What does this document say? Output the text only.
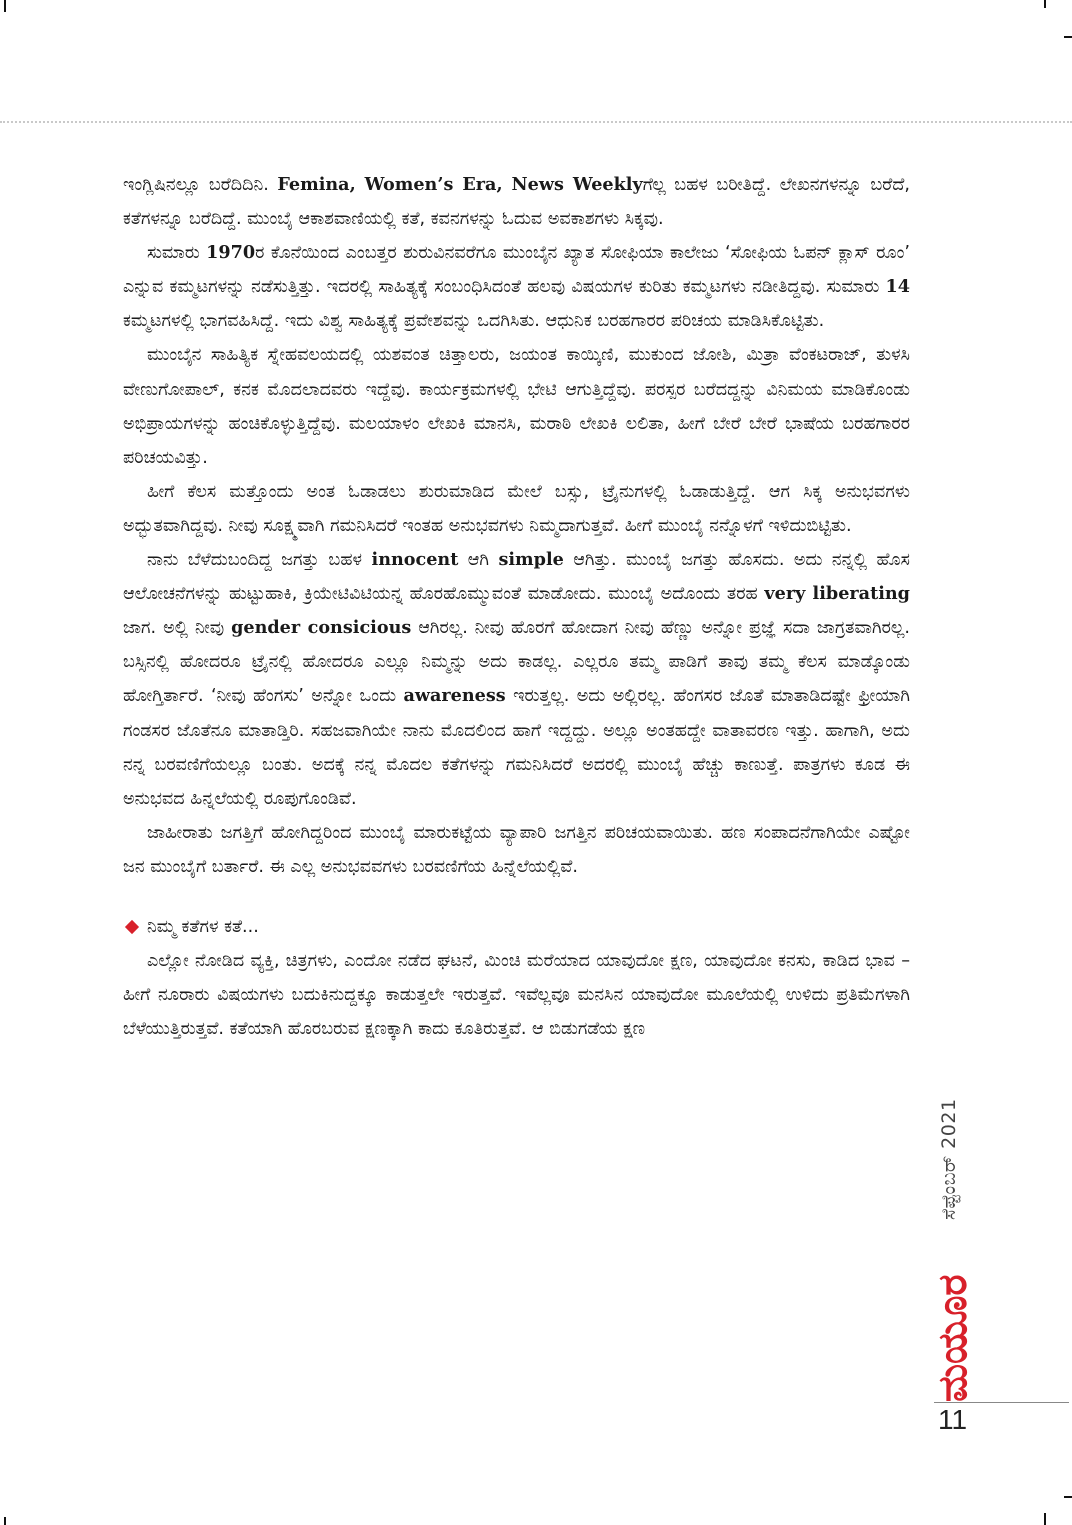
ಇಂಗ್ಲಿಷಿನಲ್ಲೂ ಬರೆದಿದಿನಿ. Femina, Women’s Era, News Weeklyಗೆಲ್ಲ ಬಹಳ ಬರೀತಿದ್ದೆ. ಲೇಖನಗಳನ್ನೂ ಬರೆದೆ, ಕತೆಗಳನ್ನೂ ಬರೆದಿದ್ದೆ. ಮುಂಬೈ ಆಕಾಶವಾಣಿಯಲ್ಲಿ ಕತೆ, ಕವನಗಳನ್ನು ಓದುವ ಅವಕಾಶಗಳು ಸಿಕ್ಕವು.

ಸುಮಾರು 1970ರ ಕೊನೆಯಿಂದ ಎಂಬತ್ತರ ಶುರುವಿನವರೆಗೂ ಮುಂಬೈನ ಖ್ಯಾತ ಸೋಫಿಯಾ ಕಾಲೇಜು ‘ಸೋಫಿಯ ಓಪನ್ ಕ್ಲಾಸ್ ರೂಂ’ ಎನ್ನುವ ಕಮ್ಮಟಗಳನ್ನು ನಡೆಸುತ್ತಿತ್ತು. ಇದರಲ್ಲಿ ಸಾಹಿತ್ಯಕ್ಕೆ ಸಂಬಂಧಿಸಿದಂತೆ ಹಲವು ವಿಷಯಗಳ ಕುರಿತು ಕಮ್ಮಟಗಳು ನಡೀತಿದ್ದವು. ಸುಮಾರು 14 ಕಮ್ಮಟಗಳಲ್ಲಿ ಭಾಗವಹಿಸಿದ್ದೆ. ಇದು ವಿಶ್ವ ಸಾಹಿತ್ಯಕ್ಕೆ ಪ್ರವೇಶವನ್ನು ಒದಗಿಸಿತು. ಆಧುನಿಕ ಬರಹಗಾರರ ಪರಿಚಯ ಮಾಡಿಸಿಕೊಟ್ಟಿತು.

ಮುಂಬೈನ ಸಾಹಿತ್ಯಿಕ ಸ್ನೇಹವಲಯದಲ್ಲಿ ಯಶವಂತ ಚಿತ್ತಾಲರು, ಜಯಂತ ಕಾಯ್ಕಿಣಿ, ಮುಕುಂದ ಜೋಶಿ, ಮಿತ್ರಾ ವೆಂಕಟರಾಜ್, ತುಳಸಿ ವೇಣುಗೋಪಾಲ್, ಕನಕ ಮೊದಲಾದವರು ಇದ್ದೆವು. ಕಾರ್ಯಕ್ರಮಗಳಲ್ಲಿ ಭೇಟಿ ಆಗುತ್ತಿದ್ದೆವು. ಪರಸ್ಪರ ಬರೆದದ್ದನ್ನು ವಿನಿಮಯ ಮಾಡಿಕೊಂಡು ಅಭಿಪ್ರಾಯಗಳನ್ನು ಹಂಚಿಕೊಳ್ಳುತ್ತಿದ್ದೆವು. ಮಲಯಾಳಂ ಲೇಖಕಿ ಮಾನಸಿ, ಮರಾಠಿ ಲೇಖಕಿ ಲಲಿತಾ, ಹೀಗೆ ಬೇರೆ ಬೇರೆ ಭಾಷೆಯ ಬರಹಗಾರರ ಪರಿಚಯವಿತ್ತು.

ಹೀಗೆ ಕೆಲಸ ಮತ್ತೊಂದು ಅಂತ ಓಡಾಡಲು ಶುರುಮಾಡಿದ ಮೇಲೆ ಬಸ್ಸು, ಟ್ರೈನುಗಳಲ್ಲಿ ಓಡಾಡುತ್ತಿದ್ದೆ. ಆಗ ಸಿಕ್ಕ ಅನುಭವಗಳು ಅದ್ಭುತವಾಗಿದ್ದವು. ನೀವು ಸೂಕ್ಷ್ಮವಾಗಿ ಗಮನಿಸಿದರೆ ಇಂತಹ ಅನುಭವಗಳು ನಿಮ್ಮದಾಗುತ್ತವೆ. ಹೀಗೆ ಮುಂಬೈ ನನ್ನೊಳಗೆ ಇಳಿದುಬಿಟ್ಟಿತು.

ನಾನು ಬೆಳೆದುಬಂದಿದ್ದ ಜಗತ್ತು ಬಹಳ innocent ಆಗಿ simple ಆಗಿತ್ತು. ಮುಂಬೈ ಜಗತ್ತು ಹೊಸದು. ಅದು ನನ್ನಲ್ಲಿ ಹೊಸ ಆಲೋಚನೆಗಳನ್ನು ಹುಟ್ಟುಹಾಕಿ, ಕ್ರಿಯೇಟಿವಿಟಿಯನ್ನ ಹೊರಹೊಮ್ಮುವಂತೆ ಮಾಡೋದು. ಮುಂಬೈ ಅದೊಂದು ತರಹ very liberating ಜಾಗ. ಅಲ್ಲಿ ನೀವು gender consicious ಆಗಿರಲ್ಲ. ನೀವು ಹೊರಗೆ ಹೋದಾಗ ನೀವು ಹೆಣ್ಣು ಅನ್ನೋ ಪ್ರಜ್ಞೆ ಸದಾ ಜಾಗ್ರತವಾಗಿರಲ್ಲ. ಬಸ್ಸಿನಲ್ಲಿ ಹೋದರೂ ಟ್ರೈನಲ್ಲಿ ಹೋದರೂ ಎಲ್ಲೂ ನಿಮ್ಮನ್ನು ಅದು ಕಾಡಲ್ಲ. ಎಲ್ಲರೂ ತಮ್ಮ ಪಾಡಿಗೆ ತಾವು ತಮ್ಮ ಕೆಲಸ ಮಾಡ್ಕೊಂಡು ಹೋಗ್ತಿರ್ತಾರೆ. ‘ನೀವು ಹೆಂಗಸು’ ಅನ್ನೋ ಒಂದು awareness ಇರುತ್ತಲ್ಲ. ಅದು ಅಲ್ಲಿರಲ್ಲ. ಹೆಂಗಸರ ಜೊತೆ ಮಾತಾಡಿದಷ್ಟೇ ಫ್ರೀಯಾಗಿ ಗಂಡಸರ ಜೊತೆನೂ ಮಾತಾಡ್ತಿರಿ. ಸಹಜವಾಗಿಯೇ ನಾನು ಮೊದಲಿಂದ ಹಾಗೆ ಇದ್ದದ್ದು. ಅಲ್ಲೂ ಅಂತಹದ್ದೇ ವಾತಾವರಣ ಇತ್ತು. ಹಾಗಾಗಿ, ಅದು ನನ್ನ ಬರವಣಿಗೆಯಲ್ಲೂ ಬಂತು. ಅದಕ್ಕೆ ನನ್ನ ಮೊದಲ ಕತೆಗಳನ್ನು ಗಮನಿಸಿದರೆ ಅದರಲ್ಲಿ ಮುಂಬೈ ಹೆಚ್ಚು ಕಾಣುತ್ತೆ. ಪಾತ್ರಗಳು ಕೂಡ ಈ ಅನುಭವದ ಹಿನ್ನಲೆಯಲ್ಲಿ ರೂಪುಗೊಂಡಿವೆ.

ಜಾಹೀರಾತು ಜಗತ್ತಿಗೆ ಹೋಗಿದ್ದರಿಂದ ಮುಂಬೈ ಮಾರುಕಟ್ಟೆಯ ವ್ಯಾಪಾರಿ ಜಗತ್ತಿನ ಪರಿಚಯವಾಯಿತು. ಹಣ ಸಂಪಾದನೆಗಾಗಿಯೇ ಎಷ್ಟೋ ಜನ ಮುಂಬೈಗೆ ಬರ್ತಾರೆ. ಈ ಎಲ್ಲ ಅನುಭವವಗಳು ಬರವಣಿಗೆಯ ಹಿನ್ನೆಲೆಯಲ್ಲಿವೆ.

ನಿಮ್ಮ ಕತೆಗಳ ಕತೆ...

ಎಲ್ಲೋ ನೋಡಿದ ವ್ಯಕ್ತಿ, ಚಿತ್ರಗಳು, ಎಂದೋ ನಡೆದ ಘಟನೆ, ಮಿಂಚಿ ಮರೆಯಾದ ಯಾವುದೋ ಕ್ಷಣ, ಯಾವುದೋ ಕನಸು, ಕಾಡಿದ ಭಾವ – ಹೀಗೆ ನೂರಾರು ವಿಷಯಗಳು ಬದುಕಿನುದ್ದಕ್ಕೂ ಕಾಡುತ್ತಲೇ ಇರುತ್ತವೆ. ಇವೆಲ್ಲವೂ ಮನಸಿನ ಯಾವುದೋ ಮೂಲೆಯಲ್ಲಿ ಉಳಿದು ಪ್ರತಿಮೆಗಳಾಗಿ ಬೆಳೆಯುತ್ತಿರುತ್ತವೆ. ಕತೆಯಾಗಿ ಹೊರಬರುವ ಕ್ಷಣಕ್ಕಾಗಿ ಕಾದು ಕೂತಿರುತ್ತವೆ. ಆ ಬಿಡುಗಡೆಯ ಕ್ಷಣ

ಸೆಪ್ಟೆಂಬರ್ 2021
ಮಯೂರ
11
